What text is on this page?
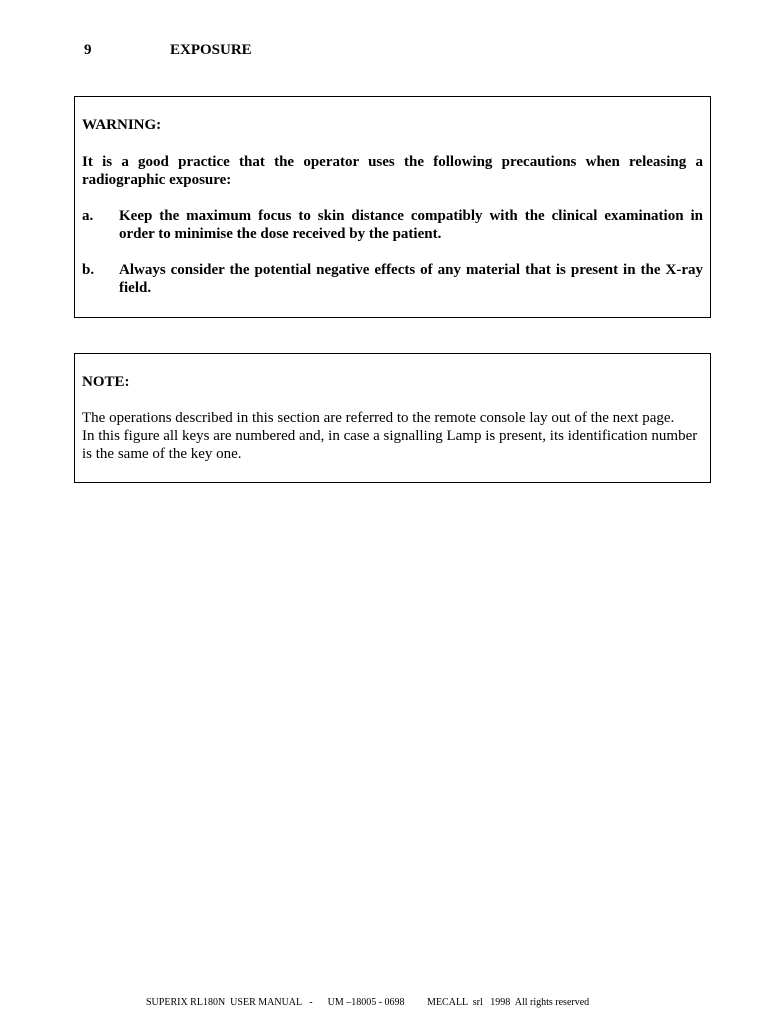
9	EXPOSURE
WARNING:

It is a good practice that the operator uses the following precautions when releasing a radiographic exposure:

a.	Keep the maximum focus to skin distance compatibly with the clinical examination in order to minimise the dose received by the patient.
b.	Always consider the potential negative effects of any material that is present in the X-ray field.
NOTE:
The operations described in this section are referred to the remote console lay out of the next page.
In this figure all keys are numbered and, in case a signalling Lamp is present, its identification number is the same of the key one.
SUPERIX RL180N  USER MANUAL   - UM –18005 - 0698 MECALL  srl   1998  All rights reserved
